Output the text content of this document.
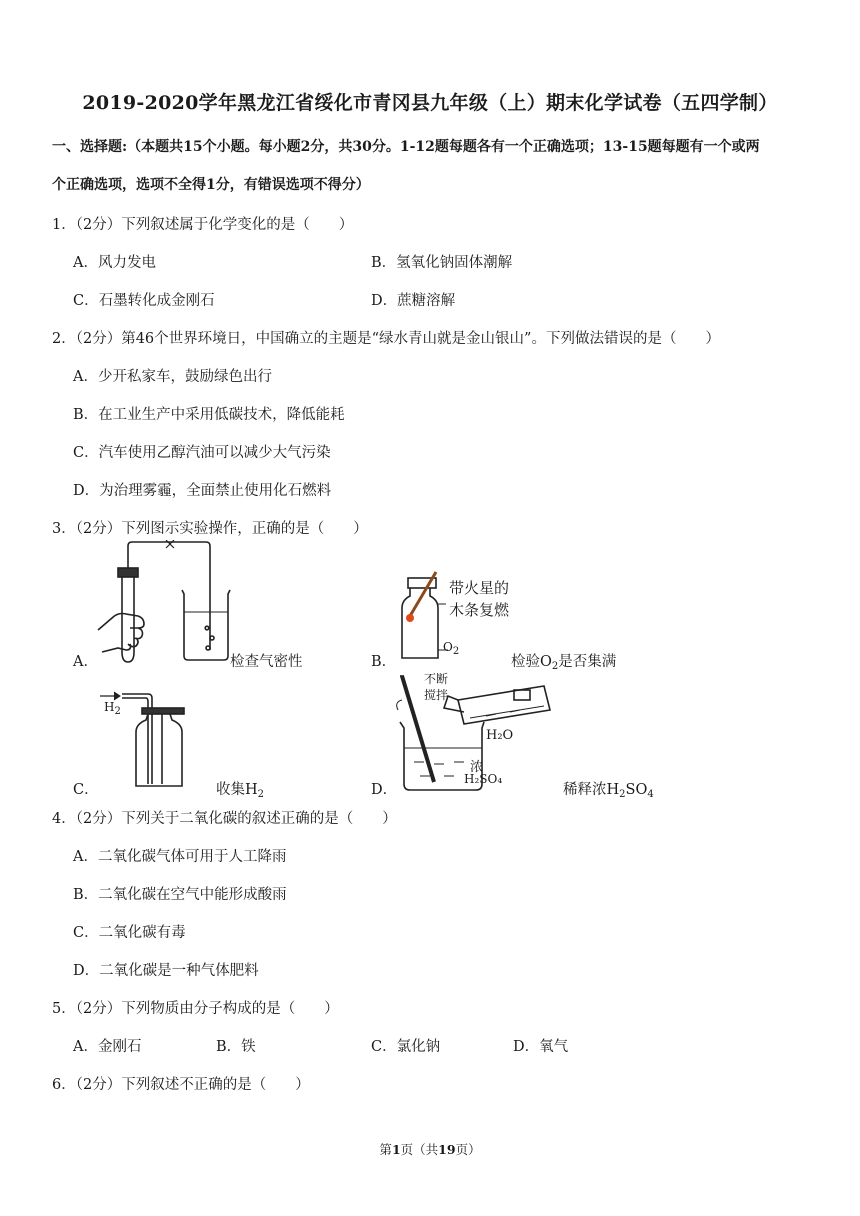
2019-2020学年黑龙江省绥化市青冈县九年级（上）期末化学试卷（五四学制）
一、选择题:（本题共15个小题。每小题2分，共30分。1-12题每题各有一个正确选项；13-15题每题有一个或两
个正确选项，选项不全得1分，有错误选项不得分）
1．（2分）下列叙述属于化学变化的是（　　）
A．风力发电	B．氢氧化钠固体潮解
C．石墨转化成金刚石	D．蔗糖溶解
2．（2分）第46个世界环境日，中国确立的主题是“绿水青山就是金山银山”。下列做法错误的是（　　）
A．少开私家车，鼓励绿色出行
B．在工业生产中采用低碳技术，降低能耗
C．汽车使用乙醇汽油可以减少大气污染
D．为治理雾霾，全面禁止使用化石燃料
3．（2分）下列图示实验操作，正确的是（　　）
A．	检查气密性	B．
带火星的
木条复燃
$O_2$
检验$O_2$是否集满
C．
$H_2$
收集$H_2$	D．
不断
搅拌
H₂O
浓
H₂SO₄
稀释浓$H_2SO_4$
4．（2分）下列关于二氧化碳的叙述正确的是（　　）
A．二氧化碳气体可用于人工降雨
B．二氧化碳在空气中能形成酸雨
C．二氧化碳有毒
D．二氧化碳是一种气体肥料
5．（2分）下列物质由分子构成的是（　　）
A．金刚石	B．铁	C．氯化钠	D．氧气
6．（2分）下列叙述不正确的是（　　）
第1页（共19页）
